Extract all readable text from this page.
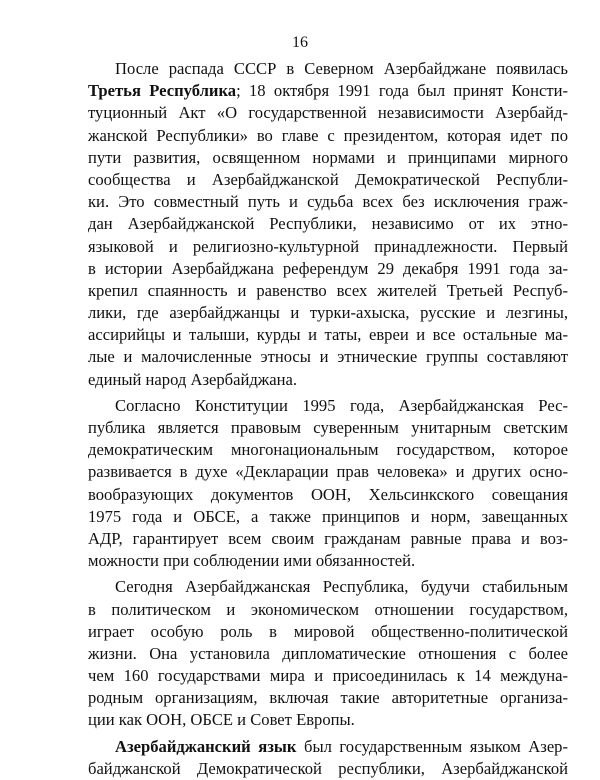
16
После распада СССР в Северном Азербайджане появилась
Третья Республика; 18 октября 1991 года был принят Консти-
туционный Акт «О государственной независимости Азербайд-
жанской Республики» во главе с президентом, которая идет по
пути развития, освященном нормами и принципами мирного
сообщества и Азербайджанской Демократической Республи-
ки. Это совместный путь и судьба всех без исключения граж-
дан Азербайджанской Республики, независимо от их этно-
языковой и религиозно-культурной принадлежности. Первый
в истории Азербайджана референдум 29 декабря 1991 года за-
крепил спаянность и равенство всех жителей Третьей Респуб-
лики, где азербайджанцы и турки-ахыска, русские и лезгины,
ассирийцы и талыши, курды и таты, евреи и все остальные ма-
лые и малочисленные этносы и этнические группы составляют
единый народ Азербайджана.
Согласно Конституции 1995 года, Азербайджанская Рес-
публика является правовым суверенным унитарным светским
демократическим многонациональным государством, которое
развивается в духе «Декларации прав человека» и других осно-
вообразующих документов ООН, Хельсинкского совещания
1975 года и ОБСЕ, а также принципов и норм, завещанных
АДР, гарантирует всем своим гражданам равные права и воз-
можности при соблюдении ими обязанностей.
Сегодня Азербайджанская Республика, будучи стабильным
в политическом и экономическом отношении государством,
играет особую роль в мировой общественно-политической
жизни. Она установила дипломатические отношения с более
чем 160 государствами мира и присоединилась к 14 междуна-
родным организациям, включая такие авторитетные организа-
ции как ООН, ОБСЕ и Совет Европы.
Азербайджанский язык был государственным языком Азер-
байджанской Демократической республики, Азербайджанской
